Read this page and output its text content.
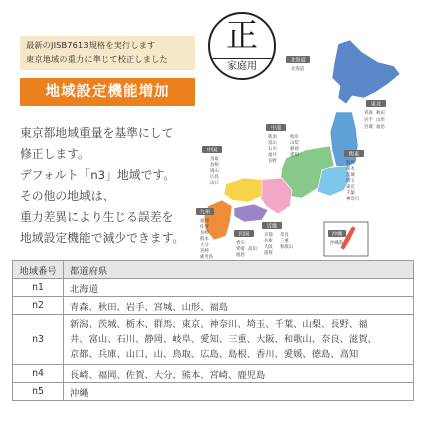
最新のJISB7613規格を実行します
東京地域の重力に準じて校正しました
正
家庭用
地域設定機能増加
東京都地域重量を基準にして
修正します。
デフォルト「n3」地域です。
その他の地域は、
重力差異により生じる誤差を
地域設定機能で減少できます。
北海道
北海道
東北
青森 秋田
岩手 山形
宮城 福島
関東
群馬
栃木
茨城
埼玉
東京
千葉
神奈川
中部
新潟
富山
石川
福井
長野
岐阜
山梨
静岡
愛知
近畿
京都
兵庫
大阪
滋賀
奈良
三重
和歌山
中国
鳥取
島根
岡山
広島
山口
四国
香川
愛媛
徳島
高知
九州
福岡
佐賀
長崎
熊本
大分
宮崎
鹿児島
沖縄
沖縄県
地域番号	都道府県
n1	北海道
n2	青森、秋田、岩手、宮城、山形、福島
n3	新潟、茨城、栃木、群馬、東京、神奈川、埼玉、千葉、山梨、長野、福
井、富山、石川、静岡、岐阜、愛知、三重、大阪、和歌山、奈良、滋賀、
京都、兵庫、山口、山、鳥取、広島、島根、香川、愛媛、徳島、高知

n4	長崎、福岡、佐賀、大分、熊本、宮崎、鹿児島
n5	沖縄
